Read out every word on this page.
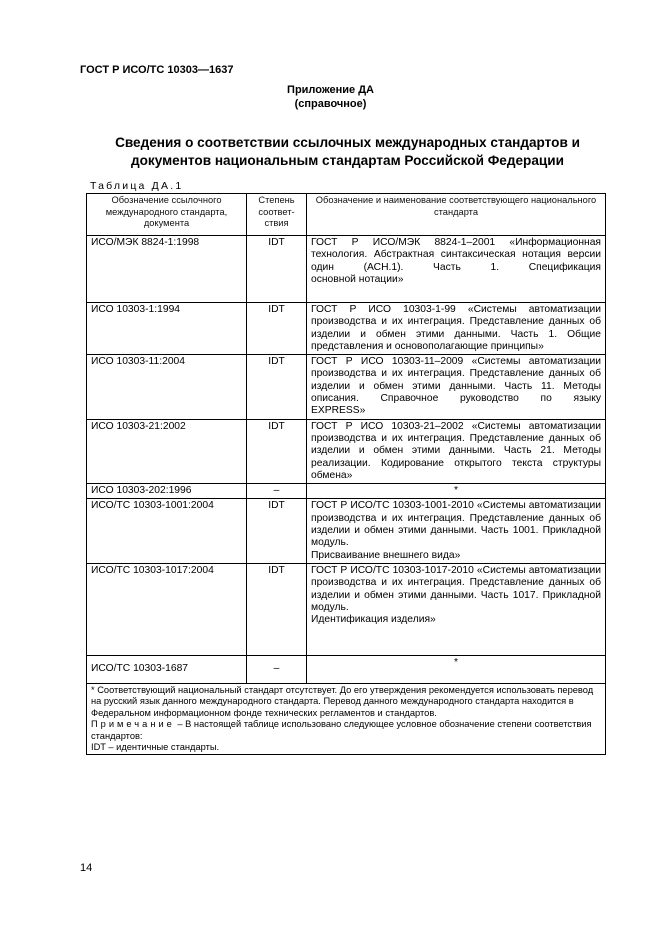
ГОСТ Р ИСО/ТС 10303—1637
Приложение ДА
(справочное)
Сведения о соответствии ссылочных международных стандартов и
документов национальным стандартам Российской Федерации
Таблица ДА.1
Обозначение ссылочного международного стандарта, документа	Степень соответ-ствия	Обозначение и наименование соответствующего национального стандарта
ИСО/МЭК 8824-1:1998	IDT	ГОСТ Р ИСО/МЭК 8824-1–2001 «Информационная технология. Абстрактная синтаксическая нотация версии один (АСН.1). Часть 1. Спецификация
основной нотации»

ИСО 10303-1:1994	IDT	ГОСТ Р ИСО 10303-1-99 «Системы автоматизации производства и их интеграция. Представление данных об изделии и обмен этими данными. Часть 1. Общие
представления и основополагающие принципы»

ИСО 10303-11:2004	IDT	ГОСТ Р ИСО 10303-11–2009 «Системы автоматизации производства и их интеграция. Представление данных об изделии и обмен этими данными. Часть 11. Методы описания. Справочное руководство по языку
EXPRESS»

ИСО 10303-21:2002	IDT	ГОСТ Р ИСО 10303-21–2002 «Системы автоматизации производства и их интеграция. Представление данных об изделии и обмен этими данными. Часть 21. Методы реализации. Кодирование открытого текста структуры
обмена»

ИСО 10303-202:1996	–	*
ИСО/ТС 10303-1001:2004	IDT	ГОСТ Р ИСО/ТС 10303-1001-2010 «Системы автоматизации производства и их интеграция. Представление данных об изделии и обмен этими данными. Часть 1001. Прикладной модуль.
Присваивание внешнего вида»

ИСО/ТС 10303-1017:2004	IDT	ГОСТ Р ИСО/ТС 10303-1017-2010 «Системы автоматизации производства и их интеграция. Представление данных об изделии и обмен этими данными. Часть 1017. Прикладной модуль.
Идентификация изделия»

ИСО/ТС 10303-1687	–	*

* Соответствующий национальный стандарт отсутствует. До его утверждения рекомендуется использовать перевод на русский язык данного международного стандарта. Перевод данного международного стандарта находится в Федеральном информационном фонде технических регламентов и стандартов.
Примечание – В настоящей таблице использовано следующее условное обозначение степени соответствия стандартов:
IDT – идентичные стандарты.		
14
